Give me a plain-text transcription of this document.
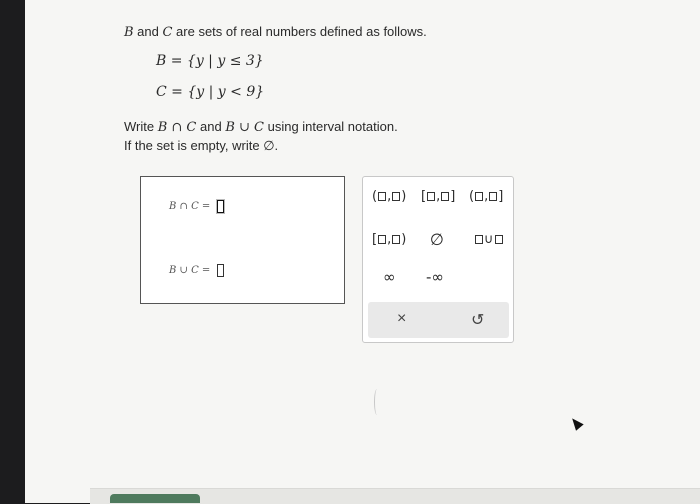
B and C are sets of real numbers defined as follows.
B = {y | y ≤ 3}
C = {y | y < 9}
Write B ∩ C and B ∪ C using interval notation.
If the set is empty, write ∅.
B ∩ C =
B ∪ C =
( , ) [ , ] ( , ]
[ , ) ∅	∪
∞ -∞
×	↺
